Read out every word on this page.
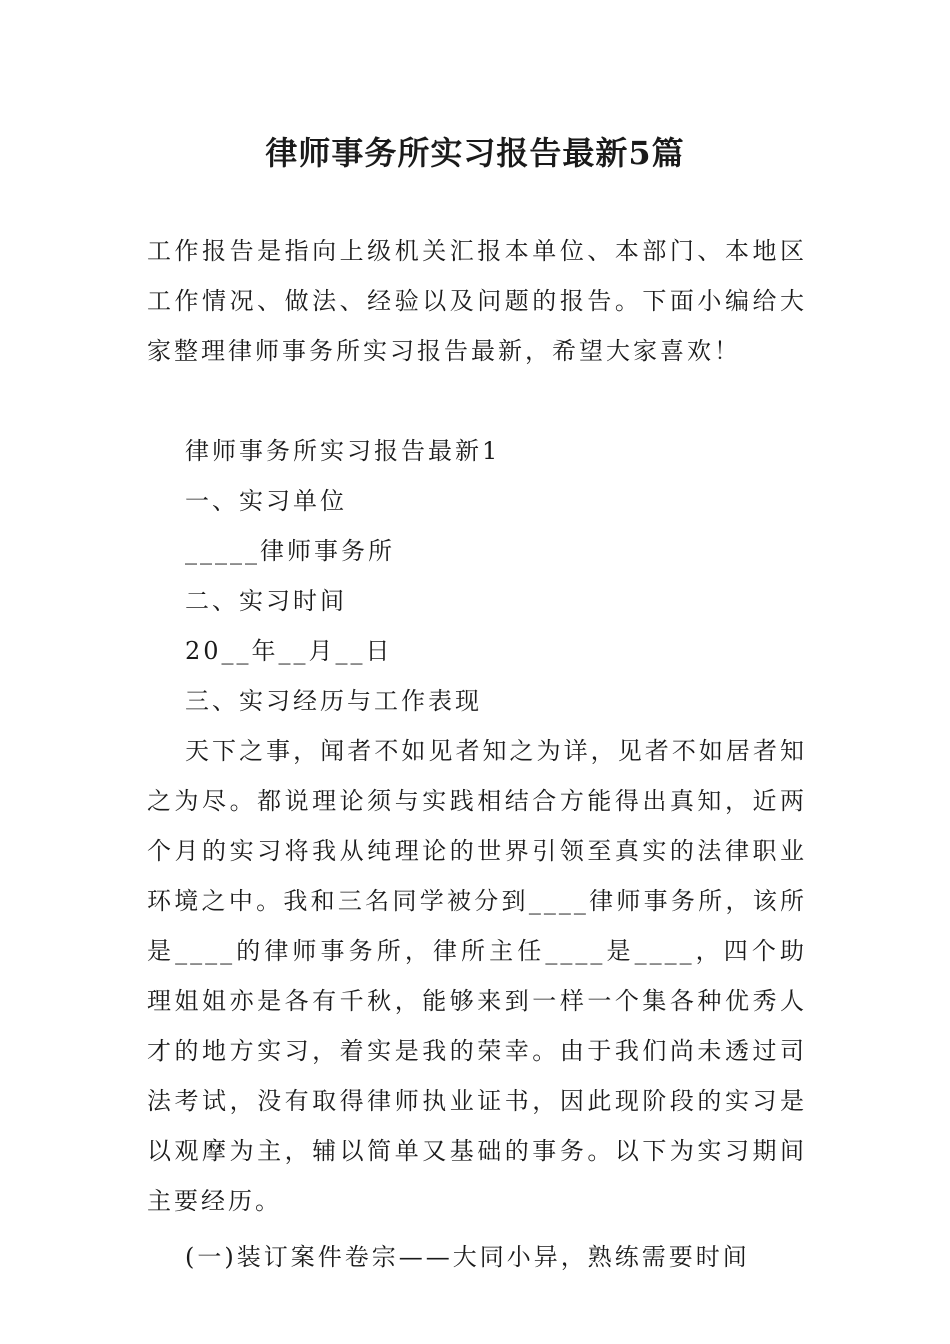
律师事务所实习报告最新5篇
工作报告是指向上级机关汇报本单位、本部门、本地区工作情况、做法、经验以及问题的报告。下面小编给大家整理律师事务所实习报告最新，希望大家喜欢！
律师事务所实习报告最新1
一、实习单位
_____律师事务所
二、实习时间
20__年__月__日
三、实习经历与工作表现
天下之事，闻者不如见者知之为详，见者不如居者知之为尽。都说理论须与实践相结合方能得出真知，近两个月的实习将我从纯理论的世界引领至真实的法律职业环境之中。我和三名同学被分到____律师事务所，该所是____的律师事务所，律所主任____是____，四个助理姐姐亦是各有千秋，能够来到一样一个集各种优秀人才的地方实习，着实是我的荣幸。由于我们尚未透过司法考试，没有取得律师执业证书，因此现阶段的实习是以观摩为主，辅以简单又基础的事务。以下为实习期间主要经历。
(一)装订案件卷宗——大同小异，熟练需要时间
